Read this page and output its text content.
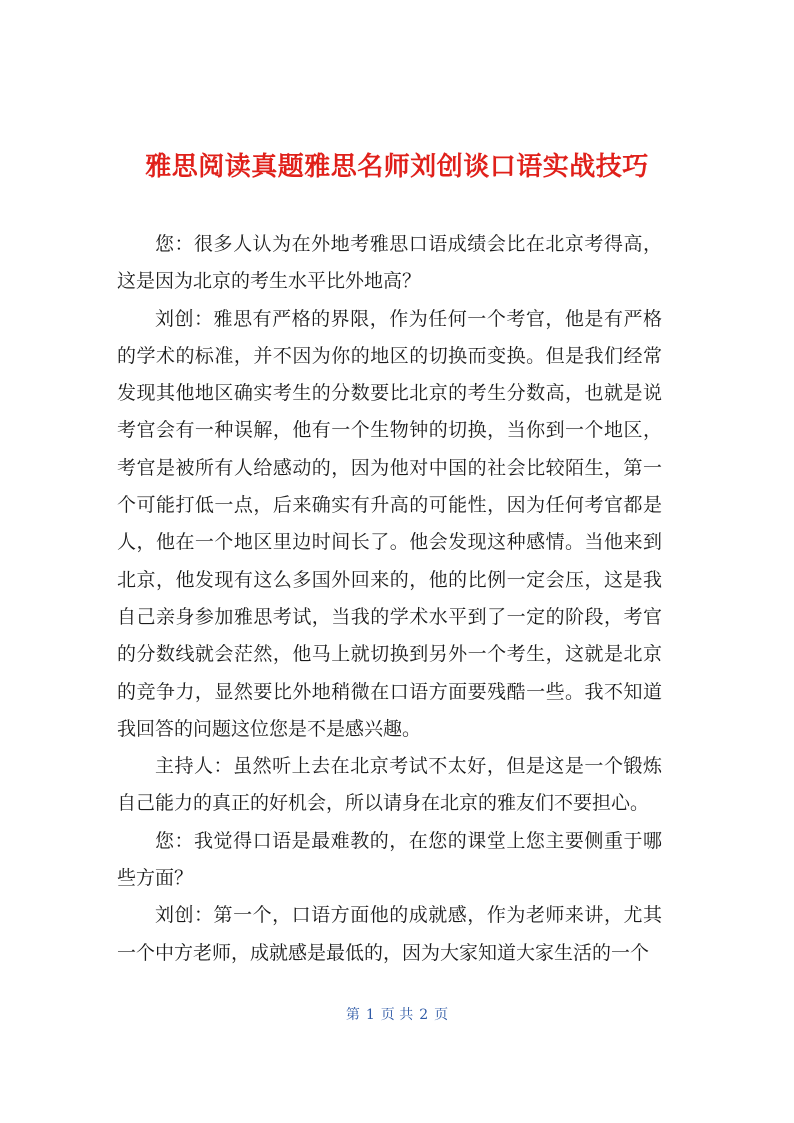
雅思阅读真题雅思名师刘创谈口语实战技巧

您：很多人认为在外地考雅思口语成绩会比在北京考得高，这是因为北京的考生水平比外地高？

刘创：雅思有严格的界限，作为任何一个考官，他是有严格的学术的标准，并不因为你的地区的切换而变换。但是我们经常发现其他地区确实考生的分数要比北京的考生分数高，也就是说考官会有一种误解，他有一个生物钟的切换，当你到一个地区，考官是被所有人给感动的，因为他对中国的社会比较陌生，第一个可能打低一点，后来确实有升高的可能性，因为任何考官都是人，他在一个地区里边时间长了。他会发现这种感情。当他来到北京，他发现有这么多国外回来的，他的比例一定会压，这是我自己亲身参加雅思考试，当我的学术水平到了一定的阶段，考官的分数线就会茫然，他马上就切换到另外一个考生，这就是北京的竞争力，显然要比外地稍微在口语方面要残酷一些。我不知道我回答的问题这位您是不是感兴趣。

主持人：虽然听上去在北京考试不太好，但是这是一个锻炼自己能力的真正的好机会，所以请身在北京的雅友们不要担心。

您：我觉得口语是最难教的，在您的课堂上您主要侧重于哪些方面？

刘创：第一个，口语方面他的成就感，作为老师来讲，尤其一个中方老师，成就感是最低的，因为大家知道大家生活的一个

第 1 页 共 2 页
